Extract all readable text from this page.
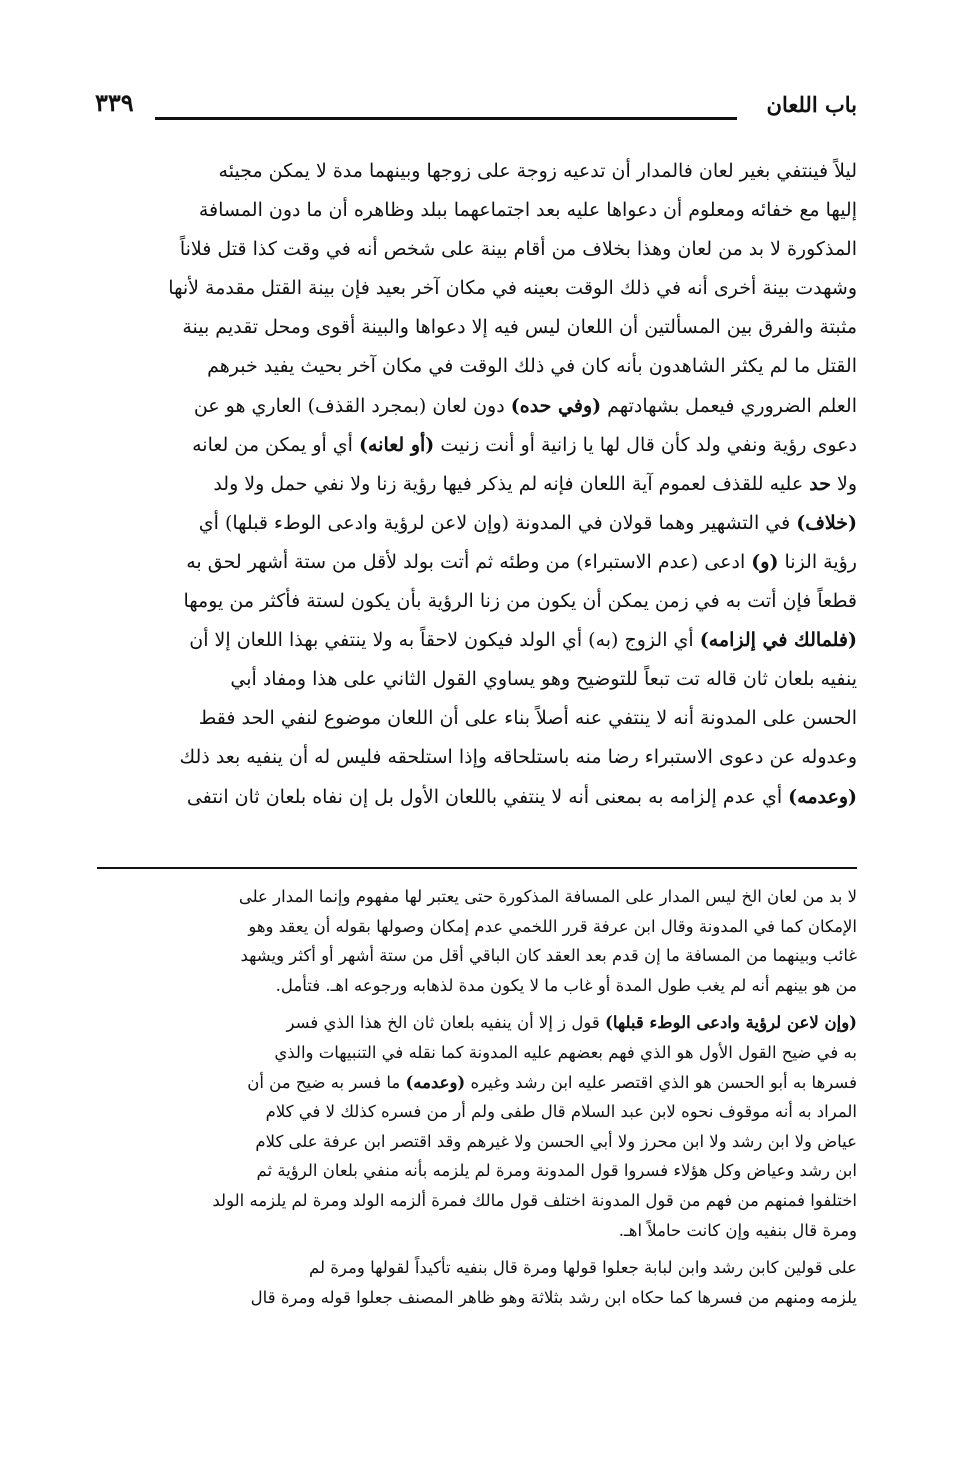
باب اللعان
٣٣٩
ليلاً فينتفي بغير لعان فالمدار أن تدعيه زوجة على زوجها وبينهما مدة لا يمكن مجيئه
إليها مع خفائه ومعلوم أن دعواها عليه بعد اجتماعهما ببلد وظاهره أن ما دون المسافة
المذكورة لا بد من لعان وهذا بخلاف من أقام بينة على شخص أنه في وقت كذا قتل فلاناً
وشهدت بينة أخرى أنه في ذلك الوقت بعينه في مكان آخر بعيد فإن بينة القتل مقدمة لأنها
مثبتة والفرق بين المسألتين أن اللعان ليس فيه إلا دعواها والبينة أقوى ومحل تقديم بينة
القتل ما لم يكثر الشاهدون بأنه كان في ذلك الوقت في مكان آخر بحيث يفيد خبرهم
العلم الضروري فيعمل بشهادتهم (وفي حده) دون لعان (بمجرد القذف) العاري هو عن
دعوى رؤية ونفي ولد كأن قال لها يا زانية أو أنت زنيت (أو لعانه) أي أو يمكن من لعانه
ولا حد عليه للقذف لعموم آية اللعان فإنه لم يذكر فيها رؤية زنا ولا نفي حمل ولا ولد
(خلاف) في التشهير وهما قولان في المدونة (وإن لاعن لرؤية وادعى الوطء قبلها) أي
رؤية الزنا (و) ادعى (عدم الاستبراء) من وطئه ثم أتت بولد لأقل من ستة أشهر لحق به
قطعاً فإن أتت به في زمن يمكن أن يكون من زنا الرؤية بأن يكون لستة فأكثر من يومها
(فلمالك في إلزامه) أي الزوج (به) أي الولد فيكون لاحقاً به ولا ينتفي بهذا اللعان إلا أن
ينفيه بلعان ثان قاله تت تبعاً للتوضيح وهو يساوي القول الثاني على هذا ومفاد أبي
الحسن على المدونة أنه لا ينتفي عنه أصلاً بناء على أن اللعان موضوع لنفي الحد فقط
وعدوله عن دعوى الاستبراء رضا منه باستلحاقه وإذا استلحقه فليس له أن ينفيه بعد ذلك
(وعدمه) أي عدم إلزامه به بمعنى أنه لا ينتفي باللعان الأول بل إن نفاه بلعان ثان انتفى
لا بد من لعان الخ ليس المدار على المسافة المذكورة حتى يعتبر لها مفهوم وإنما المدار على
الإمكان كما في المدونة وقال ابن عرفة قرر اللخمي عدم إمكان وصولها بقوله أن يعقد وهو
غائب وبينهما من المسافة ما إن قدم بعد العقد كان الباقي أقل من ستة أشهر أو أكثر ويشهد
من هو بينهم أنه لم يغب طول المدة أو غاب ما لا يكون مدة لذهابه ورجوعه اهـ. فتأمل.
(وإن لاعن لرؤية وادعى الوطء قبلها) قول ز إلا أن ينفيه بلعان ثان الخ هذا الذي فسر
به في ضيح القول الأول هو الذي فهم بعضهم عليه المدونة كما نقله في التنبيهات والذي
فسرها به أبو الحسن هو الذي اقتصر عليه ابن رشد وغيره (وعدمه) ما فسر به ضيح من أن
المراد به أنه موقوف نحوه لابن عبد السلام قال طفى ولم أر من فسره كذلك لا في كلام
عياض ولا ابن رشد ولا ابن محرز ولا أبي الحسن ولا غيرهم وقد اقتصر ابن عرفة على كلام
ابن رشد وعياض وكل هؤلاء فسروا قول المدونة ومرة لم يلزمه بأنه منفي بلعان الرؤية ثم
اختلفوا فمنهم من فهم من قول المدونة اختلف قول مالك فمرة ألزمه الولد ومرة لم يلزمه الولد
ومرة قال بنفيه وإن كانت حاملاً اهـ.
على قولين كابن رشد وابن لبابة جعلوا قولها ومرة قال بنفيه تأكيداً لقولها ومرة لم
يلزمه ومنهم من فسرها كما حكاه ابن رشد بثلاثة وهو ظاهر المصنف جعلوا قوله ومرة قال
